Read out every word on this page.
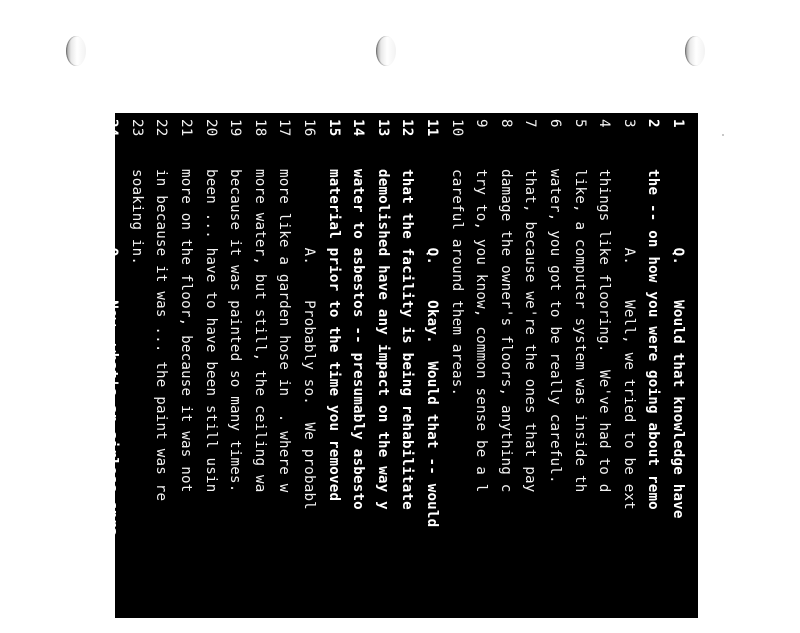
1
Q.    Would that knowledge have
2
the -- on how you were going about remo
3
A.    Well, we tried to be ext
4
things like flooring.  We've had to d
5
like, a computer system was inside th
6
water, you got to be really careful.
7
that, because we're the ones that pay
8
damage the owner's floors, anything c
9
try to, you know, common sense be a l
10
careful around them areas.
11
Q.    Okay.  Would that -- would
12
that the facility is being rehabilitate
13
demolished have any impact on the way y
14
water to asbestos -- presumably asbesto
15
material prior to the time you removed
16
A.    Probably so.  We probabl
17
more like a garden hose in  . where w
18
more water, but still, the ceiling wa
19
because it was painted so many times.
20
been ... have to have been still usin
21
more on the floor, because it was not
22
in because it was ... the paint was re
23
soaking in.
24
Q.    Now, what's an airless spra
